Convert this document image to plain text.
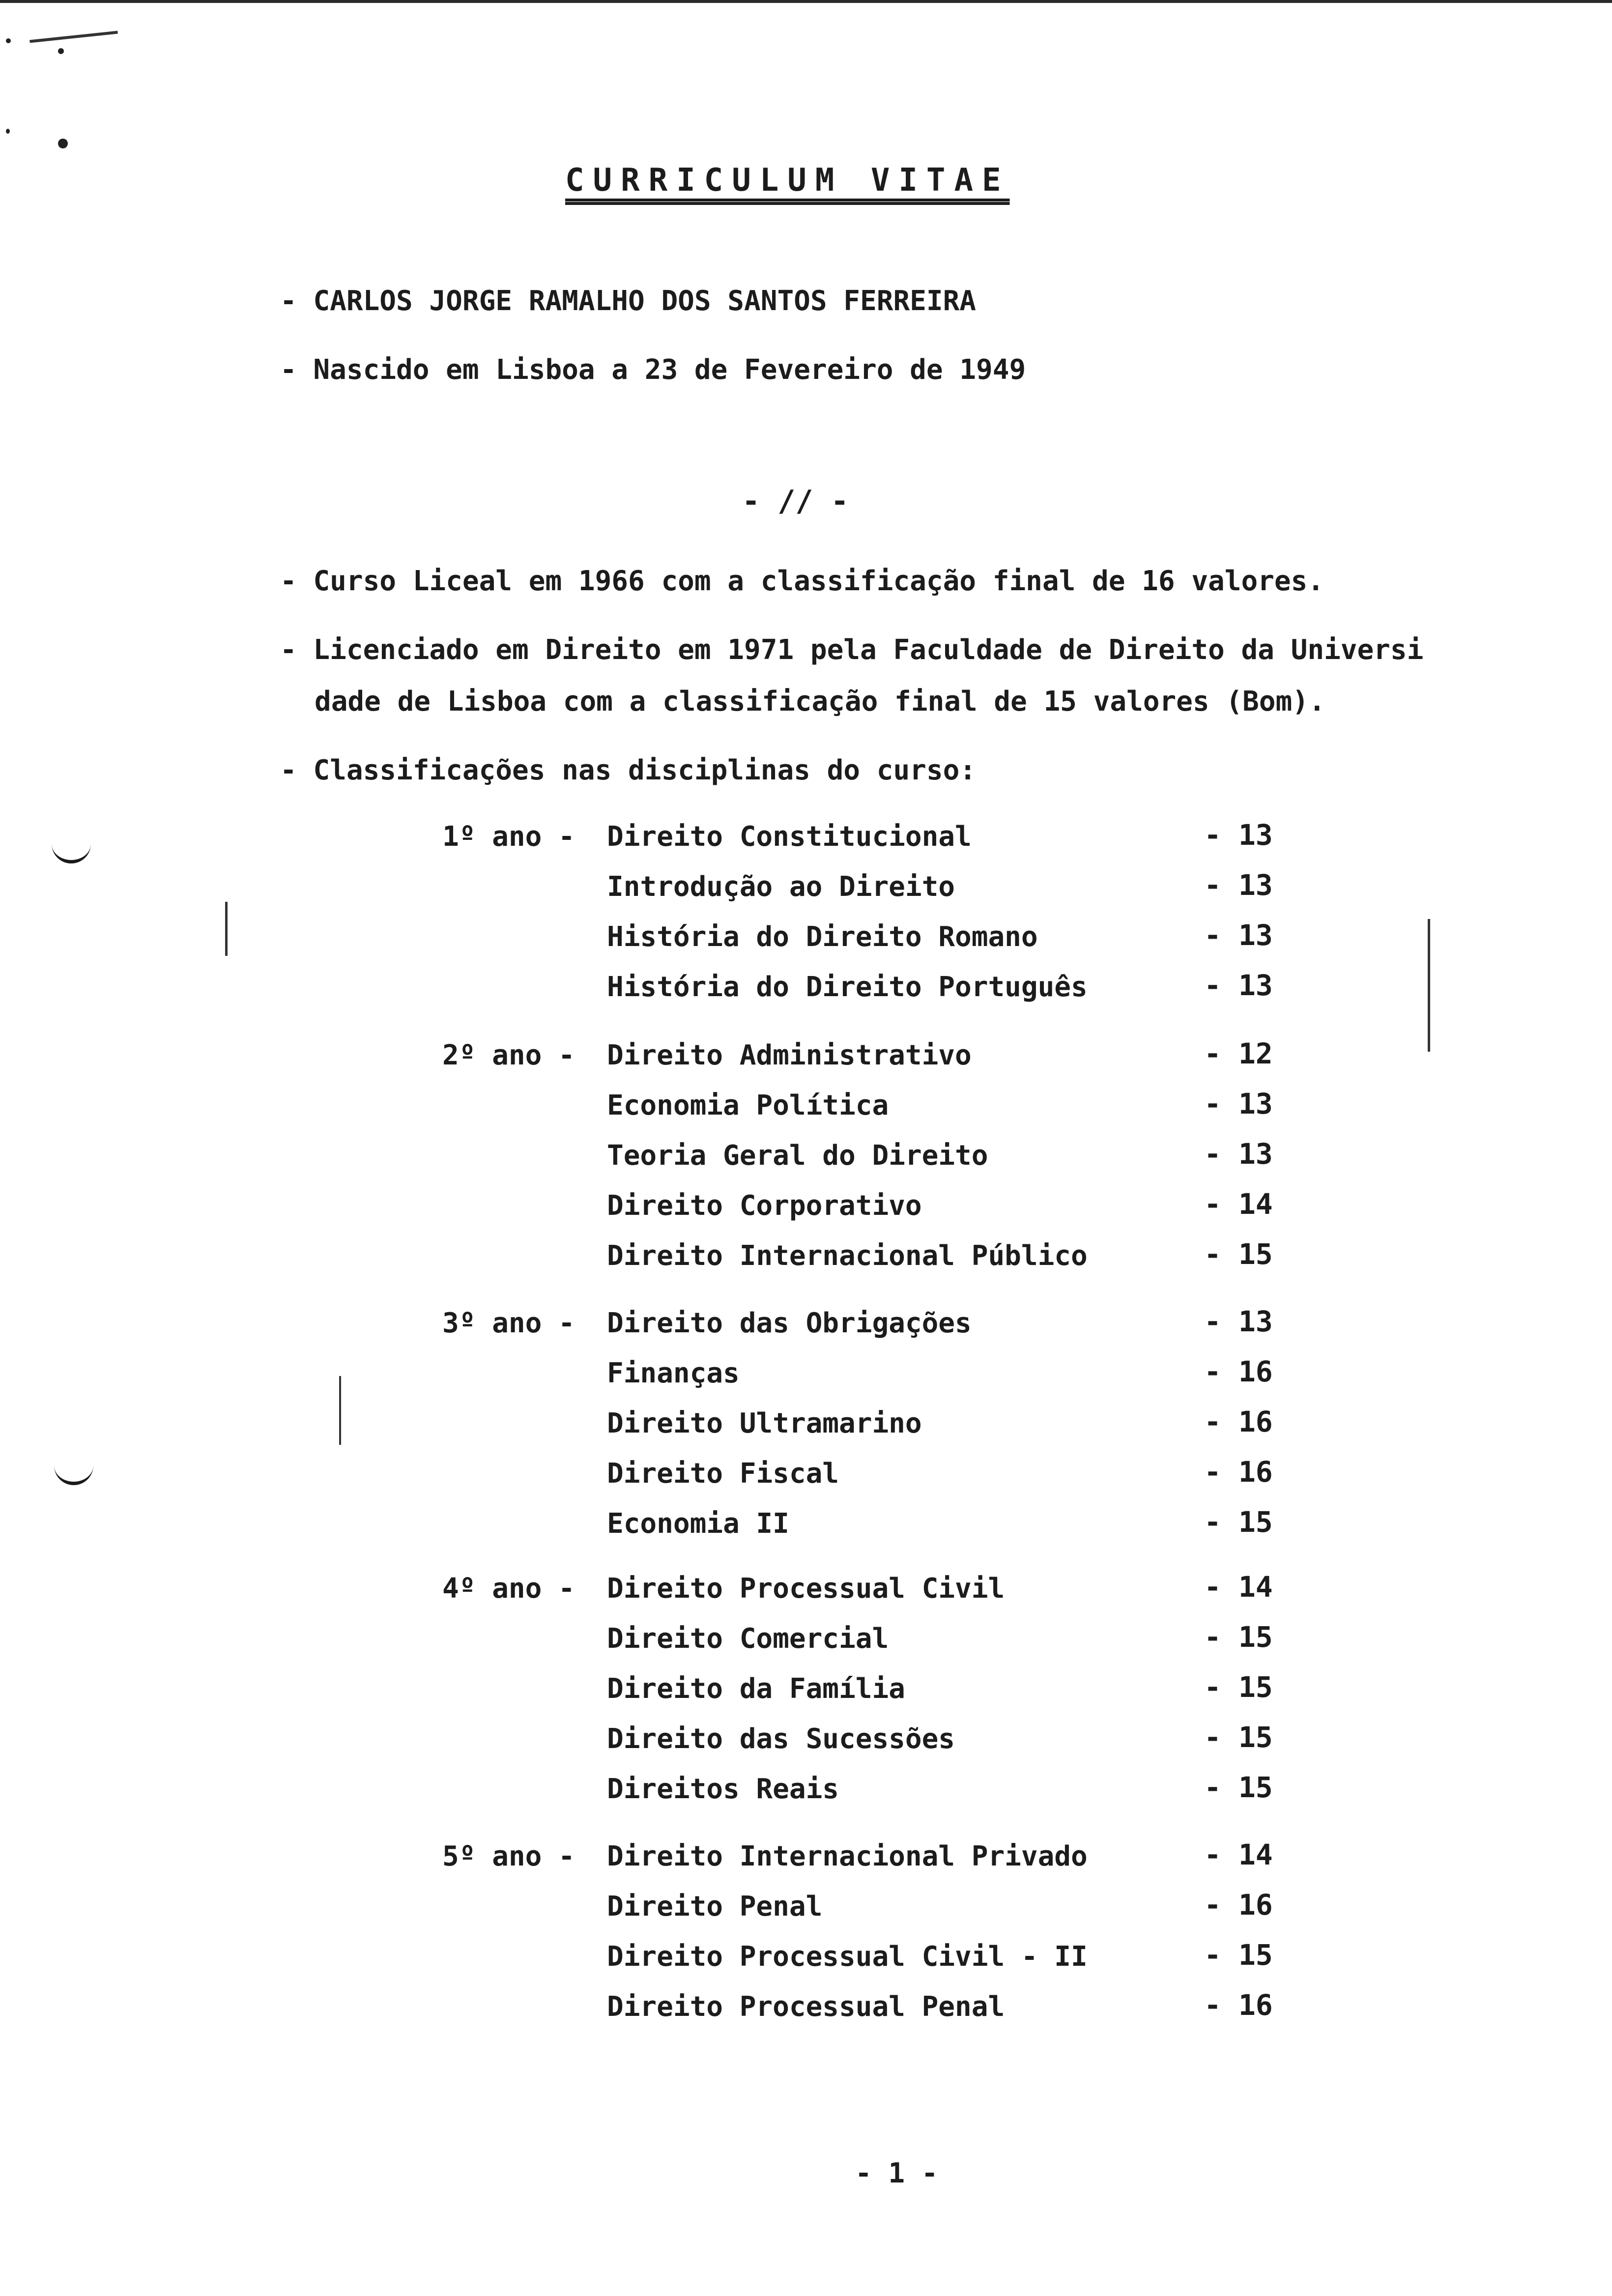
CURRICULUM VITAE
- CARLOS JORGE RAMALHO DOS SANTOS FERREIRA
- Nascido em Lisboa a 23 de Fevereiro de 1949
- // -
- Curso Liceal em 1966 com a classificação final de 16 valores.
- Licenciado em Direito em 1971 pela Faculdade de Direito da Universi
dade de Lisboa com a classificação final de 15 valores (Bom).
- Classificações nas disciplinas do curso:
1º ano - Direito Constitucional	- 13
Introdução ao Direito	- 13
História do Direito Romano	- 13
História do Direito Português	- 13
2º ano - Direito Administrativo	- 12
Economia Política	- 13
Teoria Geral do Direito	- 13
Direito Corporativo	- 14
Direito Internacional Público	- 15
3º ano - Direito das Obrigações	- 13
Finanças	- 16
Direito Ultramarino	- 16
Direito Fiscal	- 16
Economia II	- 15
4º ano - Direito Processual Civil	- 14
Direito Comercial	- 15
Direito da Família	- 15
Direito das Sucessões	- 15
Direitos Reais	- 15
5º ano - Direito Internacional Privado	- 14
Direito Penal	- 16
Direito Processual Civil - II	- 15
Direito Processual Penal	- 16
- 1 -
